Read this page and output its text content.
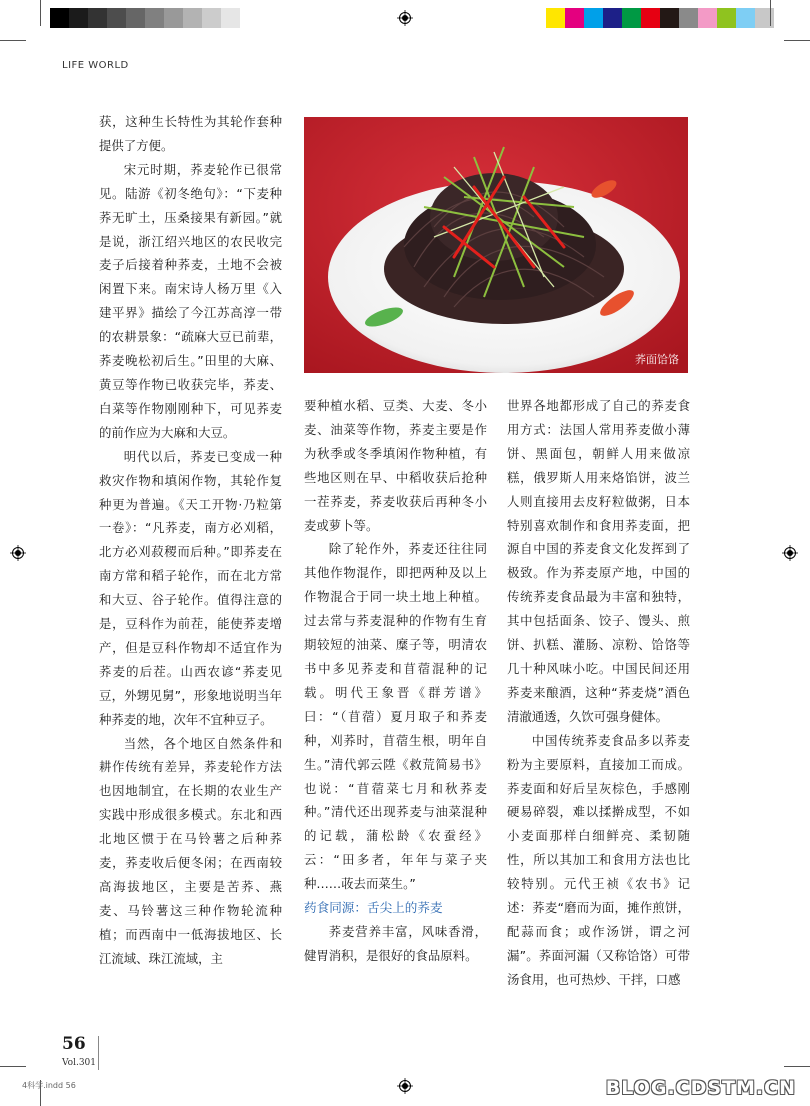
LIFE WORLD
荞面饸饹

获，这种生长特性为其轮作套种提供了方便。

宋元时期，荞麦轮作已很常见。陆游《初冬绝句》：“下麦种荞无旷土，压桑接果有新园。”就是说，浙江绍兴地区的农民收完麦子后接着种荞麦，土地不会被闲置下来。南宋诗人杨万里《入建平界》描绘了今江苏高淳一带的农耕景象：“疏麻大豆已前辈，荞麦晚松初后生。”田里的大麻、黄豆等作物已收获完毕，荞麦、白菜等作物刚刚种下，可见荞麦的前作应为大麻和大豆。

明代以后，荞麦已变成一种救灾作物和填闲作物，其轮作复种更为普遍。《天工开物·乃粒第一卷》：“凡荞麦，南方必刈稻，北方必刈菽稷而后种。”即荞麦在南方常和稻子轮作，而在北方常和大豆、谷子轮作。值得注意的是，豆科作为前茬，能使荞麦增产，但是豆科作物却不适宜作为荞麦的后茬。山西农谚“荞麦见豆，外甥见舅”，形象地说明当年种荞麦的地，次年不宜种豆子。

当然，各个地区自然条件和耕作传统有差异，荞麦轮作方法也因地制宜，在长期的农业生产实践中形成很多模式。东北和西北地区惯于在马铃薯之后种荞麦，荞麦收后便冬闲；在西南较高海拔地区，主要是苦荞、燕麦、马铃薯这三种作物轮流种植；而西南中一低海拔地区、长江流域、珠江流域，主

要种植水稻、豆类、大麦、冬小麦、油菜等作物，荞麦主要是作为秋季或冬季填闲作物种植，有些地区则在早、中稻收获后抢种一茬荞麦，荞麦收获后再种冬小麦或萝卜等。

除了轮作外，荞麦还往往同其他作物混作，即把两种及以上作物混合于同一块土地上种植。过去常与荞麦混种的作物有生育期较短的油菜、糜子等，明清农书中多见荞麦和苜蓿混种的记载。明代王象晋《群芳谱》曰：“（苜蓿）夏月取子和荞麦种，刈荞时，苜蓿生根，明年自生。”清代郭云陞《救荒简易书》也说：“苜蓿菜七月和秋荞麦种。”清代还出现荞麦与油菜混种的记载，蒲松龄《农蚕经》云：“田多者，年年与菜子夹种……荍去而菜生。”

药食同源：舌尖上的荞麦

荞麦营养丰富，风味香滑，健胃消积，是很好的食品原料。

世界各地都形成了自己的荞麦食用方式：法国人常用荞麦做小薄饼、黑面包，朝鲜人用来做凉糕，俄罗斯人用来烙馅饼，波兰人则直接用去皮籽粒做粥，日本特别喜欢制作和食用荞麦面，把源自中国的荞麦食文化发挥到了极致。作为荞麦原产地，中国的传统荞麦食品最为丰富和独特，其中包括面条、饺子、馒头、煎饼、扒糕、灌肠、凉粉、饸饹等几十种风味小吃。中国民间还用荞麦来酿酒，这种“荞麦烧”酒色清澈通透，久饮可强身健体。

中国传统荞麦食品多以荞麦粉为主要原料，直接加工而成。荞麦面和好后呈灰棕色，手感刚硬易碎裂，难以揉擀成型，不如小麦面那样白细鲜亮、柔韧随性，所以其加工和食用方法也比较特别。元代王祯《农书》记述：荞麦“磨而为面，摊作煎饼，配蒜而食；或作汤饼，谓之河漏”。荞面河漏（又称饸饹）可带汤食用，也可热炒、干拌，口感

56
Vol.301
4科学.indd 56	BLOG.CDSTM.CN
